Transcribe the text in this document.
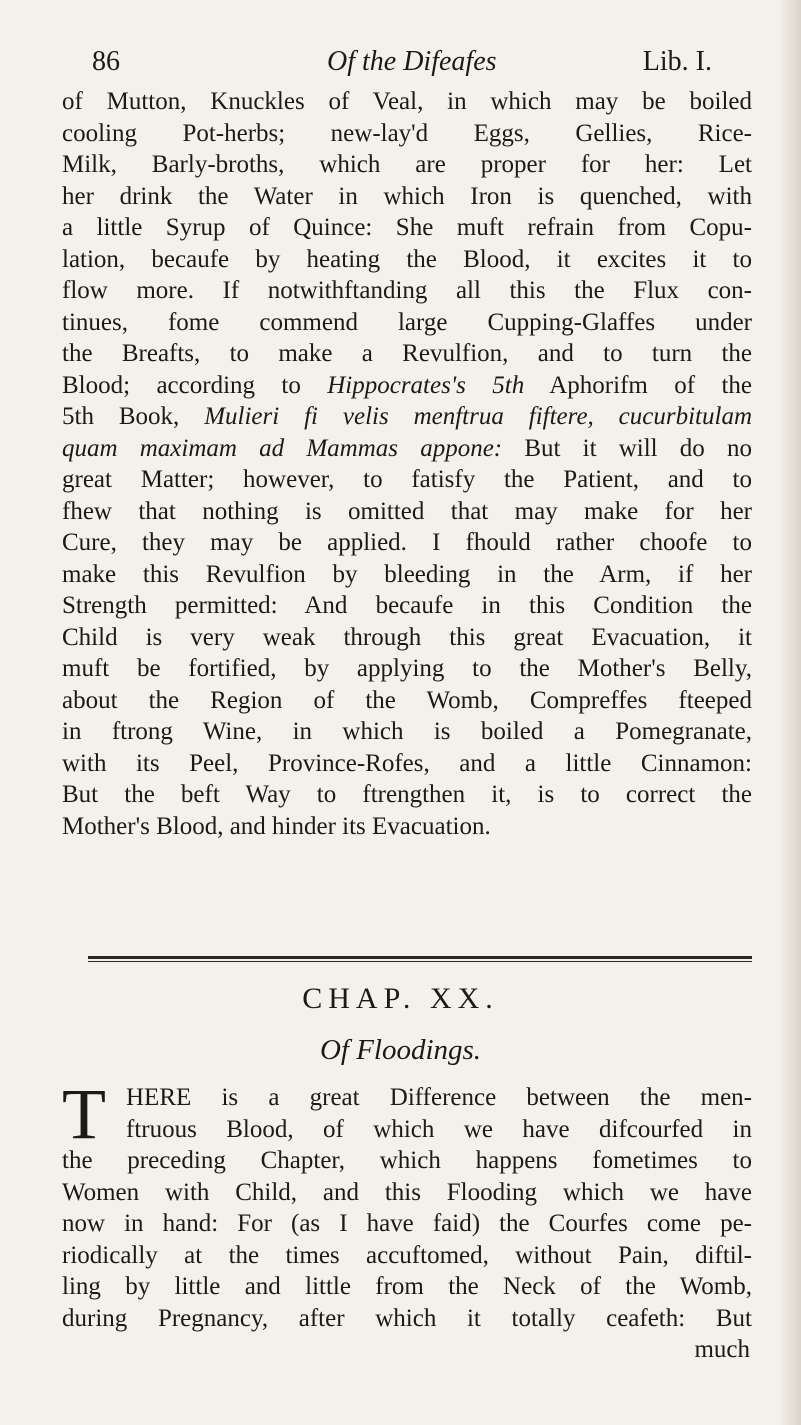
86	Of the Difeafes	Lib. I.
of Mutton, Knuckles of Veal, in which may be boiled
cooling Pot-herbs; new-lay'd Eggs, Gellies, Rice-
Milk, Barly-broths, which are proper for her: Let
her drink the Water in which Iron is quenched, with
a little Syrup of Quince: She muft refrain from Copu-
lation, becaufe by heating the Blood, it excites it to
flow more. If notwithftanding all this the Flux con-
tinues, fome commend large Cupping-Glaffes under
the Breafts, to make a Revulfion, and to turn the
Blood; according to Hippocrates's 5th Aphorifm of the
5th Book, Mulieri fi velis menftrua fiftere, cucurbitulam
quam maximam ad Mammas appone: But it will do no
great Matter; however, to fatisfy the Patient, and to
fhew that nothing is omitted that may make for her
Cure, they may be applied. I fhould rather choofe to
make this Revulfion by bleeding in the Arm, if her
Strength permitted: And becaufe in this Condition the
Child is very weak through this great Evacuation, it
muft be fortified, by applying to the Mother's Belly,
about the Region of the Womb, Compreffes fteeped
in ftrong Wine, in which is boiled a Pomegranate,
with its Peel, Province-Rofes, and a little Cinnamon:
But the beft Way to ftrengthen it, is to correct the
Mother's Blood, and hinder its Evacuation.
CHAP. XX.
Of Floodings.
T HERE is a great Difference between the men-
ftruous Blood, of which we have difcourfed in
the preceding Chapter, which happens fometimes to
Women with Child, and this Flooding which we have
now in hand: For (as I have faid) the Courfes come pe-
riodically at the times accuftomed, without Pain, diftil-
ling by little and little from the Neck of the Womb,
during Pregnancy, after which it totally ceafeth: But
much
